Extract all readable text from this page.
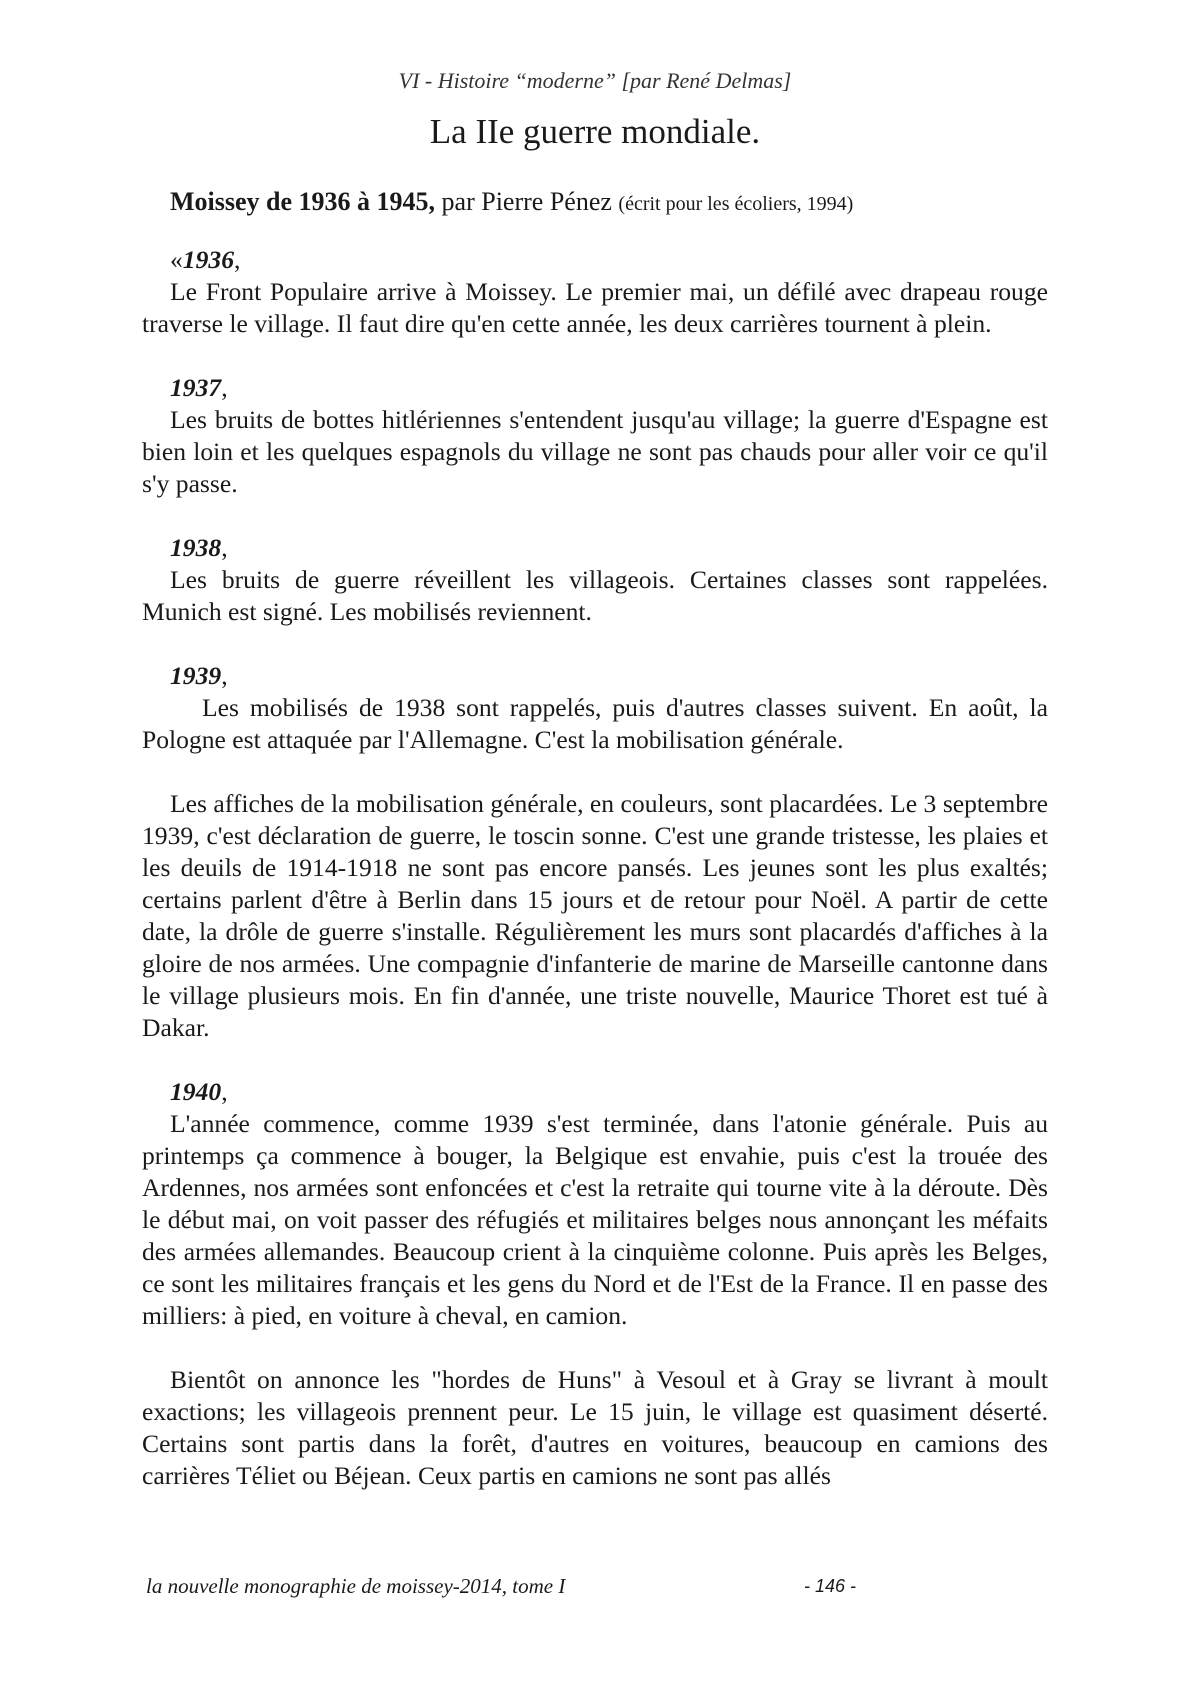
VI - Histoire “moderne” [par René Delmas]
La IIe guerre mondiale.
Moissey de 1936 à 1945, par Pierre Pénez (écrit pour les écoliers, 1994)
«1936,

Le Front Populaire arrive à Moissey. Le premier mai, un défilé avec drapeau rouge traverse le village. Il faut dire qu'en cette année, les deux carrières tournent à plein.

1937,

Les bruits de bottes hitlériennes s'entendent jusqu'au village; la guerre d'Espagne est bien loin et les quelques espagnols du village ne sont pas chauds pour aller voir ce qu'il s'y passe.

1938,

Les bruits de guerre réveillent les villageois. Certaines classes sont rappelées. Munich est signé. Les mobilisés reviennent.

1939,

Les mobilisés de 1938 sont rappelés, puis d'autres classes suivent. En août, la Pologne est attaquée par l'Allemagne. C'est la mobilisation générale.

Les affiches de la mobilisation générale, en couleurs, sont placardées. Le 3 septembre 1939, c'est déclaration de guerre, le toscin sonne. C'est une grande tristesse, les plaies et les deuils de 1914-1918 ne sont pas encore pansés. Les jeunes sont les plus exaltés; certains parlent d'être à Berlin dans 15 jours et de retour pour Noël. A partir de cette date, la drôle de guerre s'installe. Régulièrement les murs sont placardés d'affiches à la gloire de nos armées. Une compagnie d'infanterie de marine de Marseille cantonne dans le village plusieurs mois. En fin d'année, une triste nouvelle, Maurice Thoret est tué à Dakar.

1940,

L'année commence, comme 1939 s'est terminée, dans l'atonie générale. Puis au printemps ça commence à bouger, la Belgique est envahie, puis c'est la trouée des Ardennes, nos armées sont enfoncées et c'est la retraite qui tourne vite à la déroute. Dès le début mai, on voit passer des réfugiés et militaires belges nous annonçant les méfaits des armées allemandes. Beaucoup crient à la cinquième colonne. Puis après les Belges, ce sont les militaires français et les gens du Nord et de l'Est de la France. Il en passe des milliers: à pied, en voiture à cheval, en camion.

Bientôt on annonce les "hordes de Huns" à Vesoul et à Gray se livrant à moult exactions; les villageois prennent peur. Le 15 juin, le village est quasiment déserté. Certains sont partis dans la forêt, d'autres en voitures, beaucoup en camions des carrières Téliet ou Béjean. Ceux partis en camions ne sont pas allés

la nouvelle monographie de moissey-2014, tome I	- 146 -
